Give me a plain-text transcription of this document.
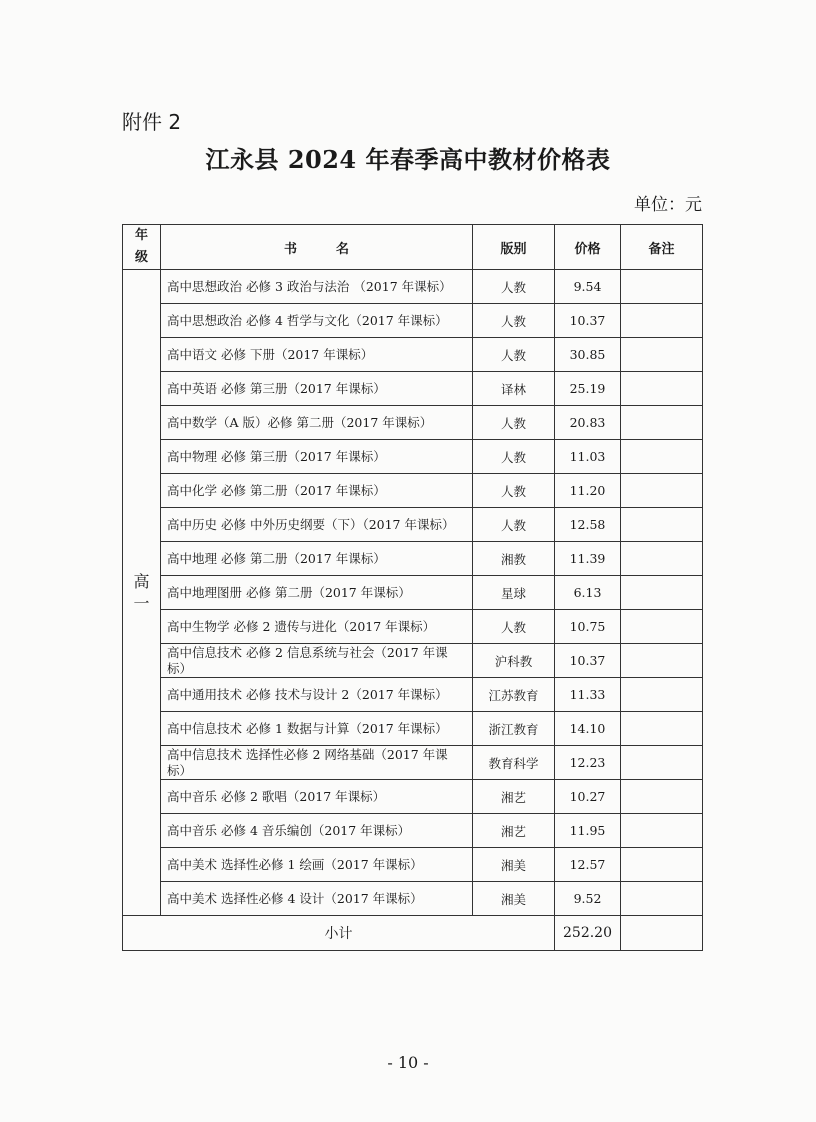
附件 2
江永县 2024 年春季高中教材价格表
单位：元
年级	书　　　名	版别	价格	备注
高一	高中思想政治 必修 3 政治与法治 （2017 年课标）	人教	9.54	
	高中思想政治 必修 4 哲学与文化（2017 年课标）	人教	10.37	
	高中语文 必修 下册（2017 年课标）	人教	30.85	
	高中英语 必修 第三册（2017 年课标）	译林	25.19	
	高中数学（A 版）必修 第二册（2017 年课标）	人教	20.83	
	高中物理 必修 第三册（2017 年课标）	人教	11.03	
	高中化学 必修 第二册（2017 年课标）	人教	11.20	
	高中历史 必修 中外历史纲要（下）（2017 年课标）	人教	12.58	
	高中地理 必修 第二册（2017 年课标）	湘教	11.39	
	高中地理图册 必修 第二册（2017 年课标）	星球	6.13	
	高中生物学 必修 2 遗传与进化（2017 年课标）	人教	10.75	
	高中信息技术 必修 2 信息系统与社会（2017 年课标）	沪科教	10.37	
	高中通用技术 必修 技术与设计 2（2017 年课标）	江苏教育	11.33	
	高中信息技术 必修 1 数据与计算（2017 年课标）	浙江教育	14.10	
	高中信息技术 选择性必修 2 网络基础（2017 年课标）	教育科学	12.23	
	高中音乐 必修 2 歌唱（2017 年课标）	湘艺	10.27	
	高中音乐 必修 4 音乐编创（2017 年课标）	湘艺	11.95	
	高中美术 选择性必修 1 绘画（2017 年课标）	湘美	12.57	
	高中美术 选择性必修 4 设计（2017 年课标）	湘美	9.52	
小计			252.20	
- 10 -
